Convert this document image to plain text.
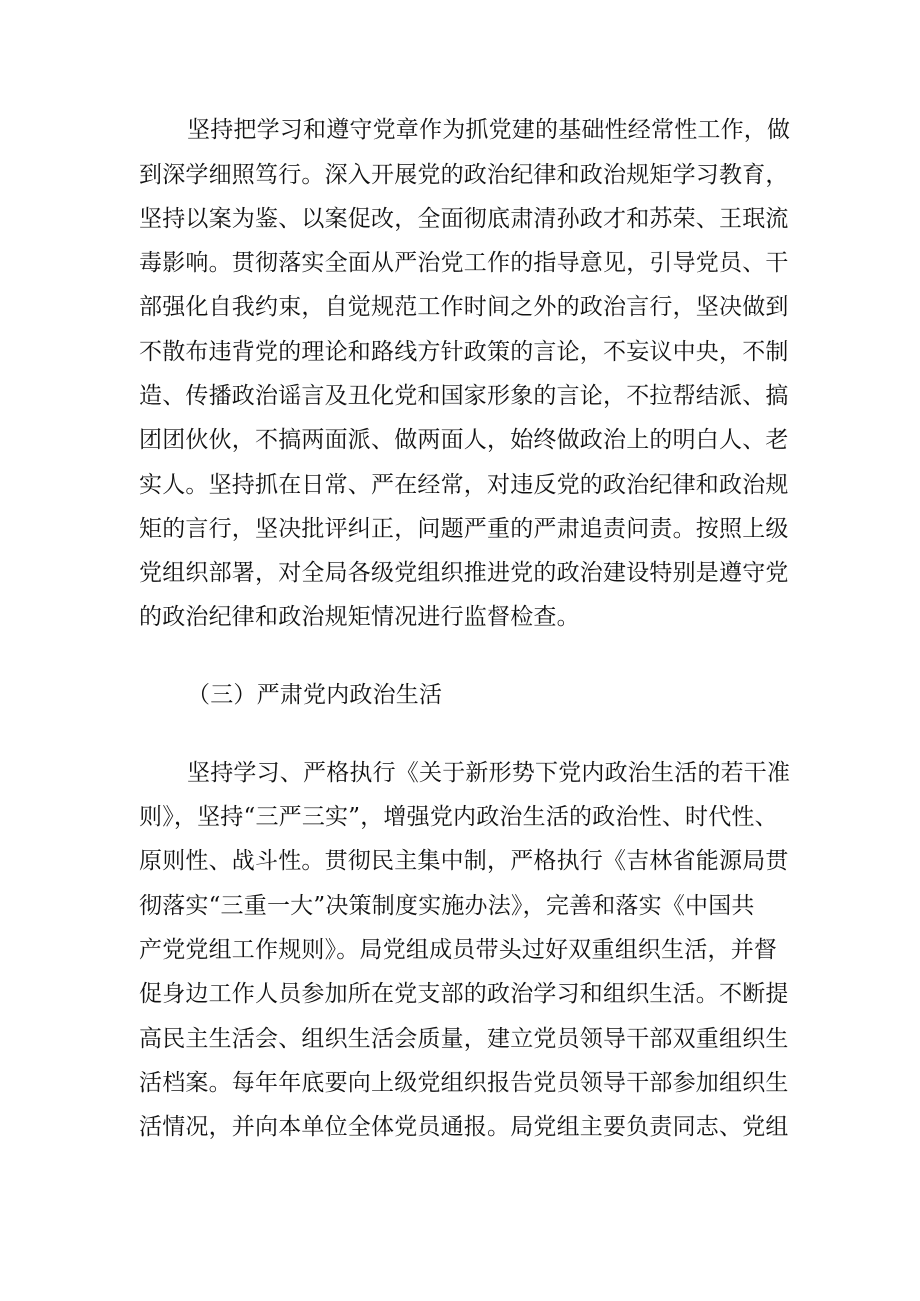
坚持把学习和遵守党章作为抓党建的基础性经常性工作，做
到深学细照笃行。深入开展党的政治纪律和政治规矩学习教育，
坚持以案为鉴、以案促改，全面彻底肃清孙政才和苏荣、王珉流
毒影响。贯彻落实全面从严治党工作的指导意见，引导党员、干
部强化自我约束，自觉规范工作时间之外的政治言行，坚决做到
不散布违背党的理论和路线方针政策的言论，不妄议中央，不制
造、传播政治谣言及丑化党和国家形象的言论，不拉帮结派、搞
团团伙伙，不搞两面派、做两面人，始终做政治上的明白人、老
实人。坚持抓在日常、严在经常，对违反党的政治纪律和政治规
矩的言行，坚决批评纠正，问题严重的严肃追责问责。按照上级
党组织部署，对全局各级党组织推进党的政治建设特别是遵守党
的政治纪律和政治规矩情况进行监督检查。
（三）严肃党内政治生活
坚持学习、严格执行《关于新形势下党内政治生活的若干准
则》，坚持“三严三实”，增强党内政治生活的政治性、时代性、
原则性、战斗性。贯彻民主集中制，严格执行《吉林省能源局贯
彻落实“三重一大”决策制度实施办法》，完善和落实《中国共
产党党组工作规则》。局党组成员带头过好双重组织生活，并督
促身边工作人员参加所在党支部的政治学习和组织生活。不断提
高民主生活会、组织生活会质量，建立党员领导干部双重组织生
活档案。每年年底要向上级党组织报告党员领导干部参加组织生
活情况，并向本单位全体党员通报。局党组主要负责同志、党组
